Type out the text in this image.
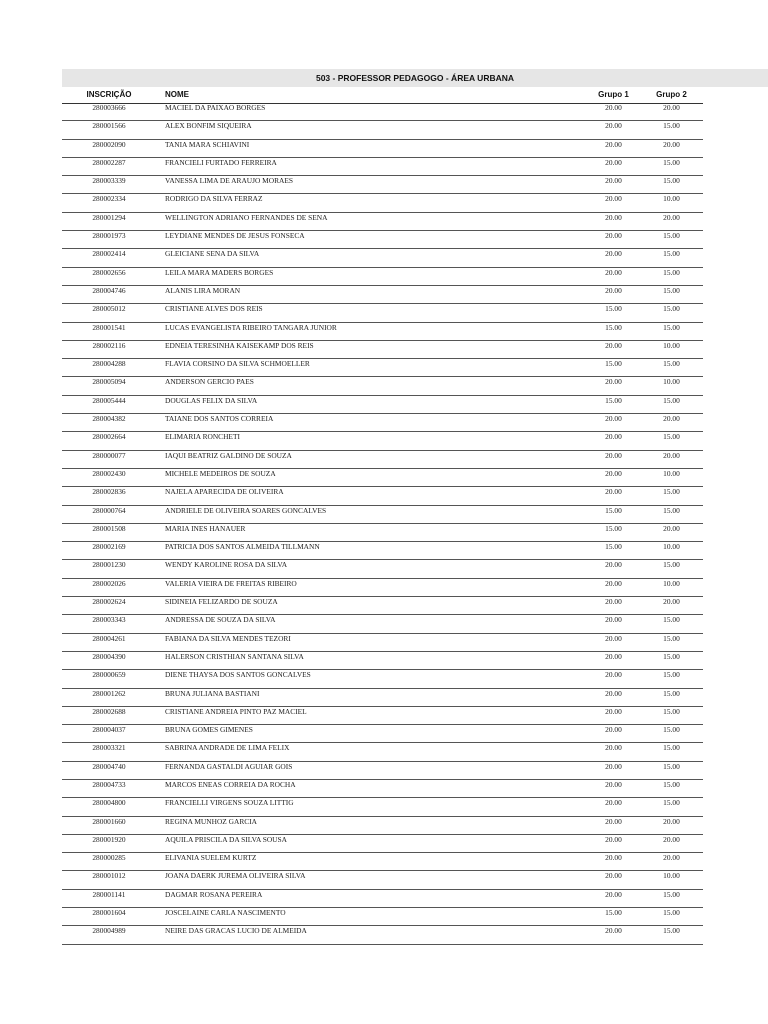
503 - PROFESSOR PEDAGOGO - ÁREA URBANA
INSCRIÇÃO	NOME	Grupo 1	Grupo 2
280003666	MACIEL DA PAIXAO BORGES	20.00	20.00
280001566	ALEX BONFIM SIQUEIRA	20.00	15.00
280002090	TANIA MARA SCHIAVINI	20.00	20.00
280002287	FRANCIELI FURTADO FERREIRA	20.00	15.00
280003339	VANESSA LIMA DE ARAUJO MORAES	20.00	15.00
280002334	RODRIGO DA SILVA FERRAZ	20.00	10.00
280001294	WELLINGTON ADRIANO FERNANDES DE SENA	20.00	20.00
280001973	LEYDIANE MENDES DE JESUS FONSECA	20.00	15.00
280002414	GLEICIANE SENA DA SILVA	20.00	15.00
280002656	LEILA MARA MADERS BORGES	20.00	15.00
280004746	ALANIS LIRA MORAN	20.00	15.00
280005012	CRISTIANE ALVES DOS REIS	15.00	15.00
280001541	LUCAS EVANGELISTA RIBEIRO TANGARA JUNIOR	15.00	15.00
280002116	EDNEIA TERESINHA KAISEKAMP DOS REIS	20.00	10.00
280004288	FLAVIA CORSINO DA SILVA SCHMOELLER	15.00	15.00
280005094	ANDERSON GERCIO PAES	20.00	10.00
280005444	DOUGLAS FELIX DA SILVA	15.00	15.00
280004382	TAIANE DOS SANTOS CORREIA	20.00	20.00
280002664	ELIMARIA RONCHETI	20.00	15.00
280000077	IAQUI BEATRIZ GALDINO DE SOUZA	20.00	20.00
280002430	MICHELE MEDEIROS DE SOUZA	20.00	10.00
280002836	NAJELA APARECIDA DE OLIVEIRA	20.00	15.00
280000764	ANDRIELE DE OLIVEIRA SOARES GONCALVES	15.00	15.00
280001508	MARIA INES HANAUER	15.00	20.00
280002169	PATRICIA DOS SANTOS ALMEIDA TILLMANN	15.00	10.00
280001230	WENDY KAROLINE ROSA DA SILVA	20.00	15.00
280002026	VALERIA VIEIRA DE FREITAS RIBEIRO	20.00	10.00
280002624	SIDINEIA FELIZARDO DE SOUZA	20.00	20.00
280003343	ANDRESSA DE SOUZA DA SILVA	20.00	15.00
280004261	FABIANA DA SILVA MENDES TEZORI	20.00	15.00
280004390	HALERSON CRISTHIAN SANTANA SILVA	20.00	15.00
280000659	DIENE THAYSA DOS SANTOS GONCALVES	20.00	15.00
280001262	BRUNA JULIANA BASTIANI	20.00	15.00
280002688	CRISTIANE ANDREIA PINTO PAZ MACIEL	20.00	15.00
280004037	BRUNA GOMES GIMENES	20.00	15.00
280003321	SABRINA ANDRADE DE LIMA FELIX	20.00	15.00
280004740	FERNANDA GASTALDI AGUIAR GOIS	20.00	15.00
280004733	MARCOS ENEAS CORREIA DA ROCHA	20.00	15.00
280004800	FRANCIELLI VIRGENS SOUZA LITTIG	20.00	15.00
280001660	REGINA MUNHOZ GARCIA	20.00	20.00
280001920	AQUILA PRISCILA DA SILVA SOUSA	20.00	20.00
280000285	ELIVANIA SUELEM KURTZ	20.00	20.00
280001012	JOANA DAERK JUREMA OLIVEIRA SILVA	20.00	10.00
280001141	DAGMAR ROSANA PEREIRA	20.00	15.00
280001604	JOSCELAINE CARLA NASCIMENTO	15.00	15.00
280004989	NEIRE DAS GRACAS LUCIO DE ALMEIDA	20.00	15.00
